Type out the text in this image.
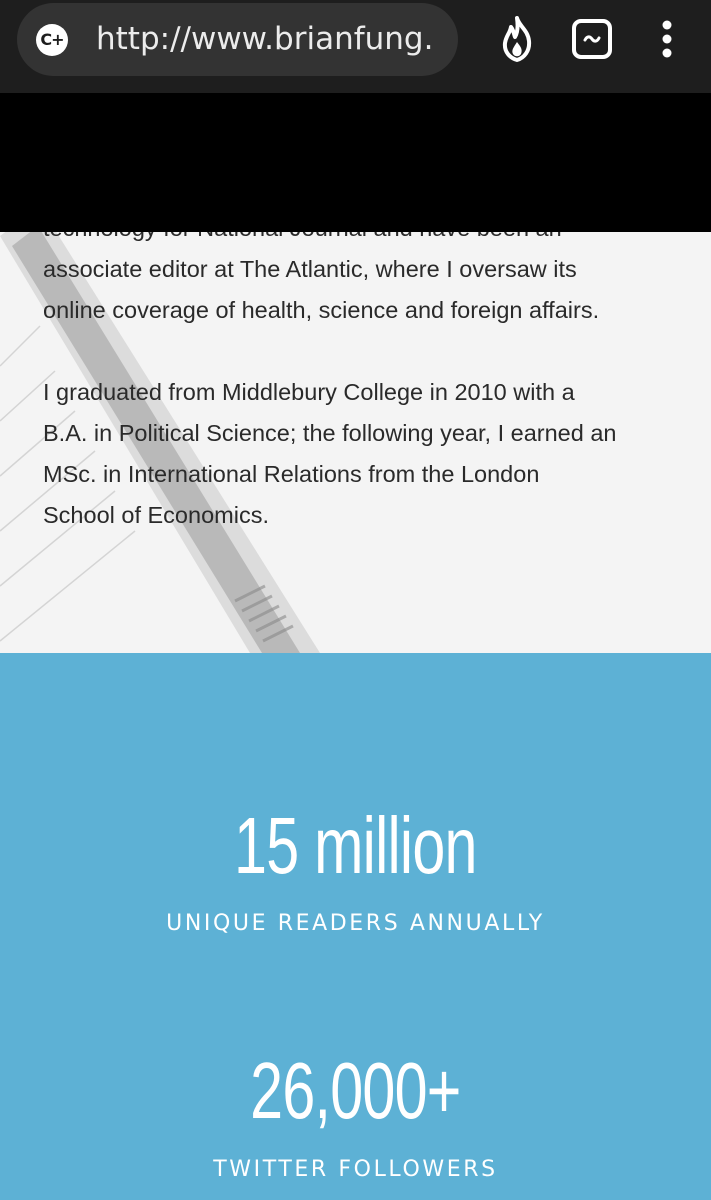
C+ http://www.brianfung.

associate editor at The Atlantic, where I oversaw its
online coverage of health, science and foreign affairs.

I graduated from Middlebury College in 2010 with a
B.A. in Political Science; the following year, I earned an
MSc. in International Relations from the London
School of Economics.

15 million
UNIQUE READERS ANNUALLY
26,000+
TWITTER FOLLOWERS
